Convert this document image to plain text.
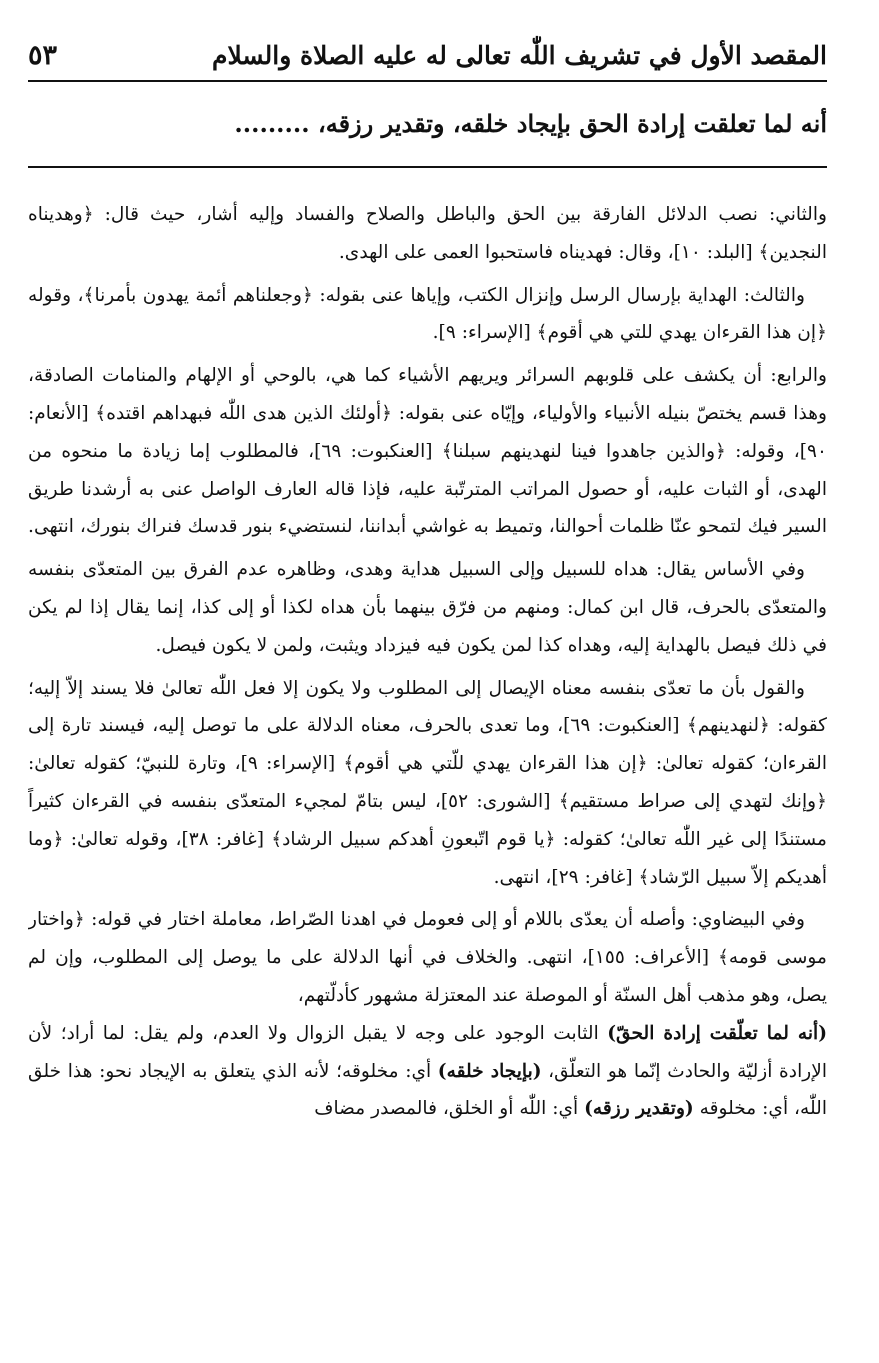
المقصد الأول في تشريف اللّٰه تعالى له عليه الصلاة والسلام
٥٣
أنه لما تعلقت إرادة الحق بإيجاد خلقه، وتقدير رزقه، .........

والثاني: نصب الدلائل الفارقة بين الحق والباطل والصلاح والفساد وإليه أشار، حيث قال: ﴿وهديناه النجدين﴾ [البلد: ١٠]، وقال: فهديناه فاستحبوا العمى على الهدى.

والثالث: الهداية بإرسال الرسل وإنزال الكتب، وإياها عنى بقوله: ﴿وجعلناهم أئمة يهدون بأمرنا﴾، وقوله ﴿إن هذا القرءان يهدي للتي هي أقوم﴾ [الإسراء: ٩].

والرابع: أن يكشف على قلوبهم السرائر ويريهم الأشياء كما هي، بالوحي أو الإلهام والمنامات الصادقة، وهذا قسم يختصّ بنيله الأنبياء والأولياء، وإيّاه عنى بقوله: ﴿أولئك الذين هدى اللّٰه فبهداهم اقتده﴾ [الأنعام: ٩٠]، وقوله: ﴿والذين جاهدوا فينا لنهدينهم سبلنا﴾ [العنكبوت: ٦٩]، فالمطلوب إما زيادة ما منحوه من الهدى، أو الثبات عليه، أو حصول المراتب المترتّبة عليه، فإذا قاله العارف الواصل عنى به أرشدنا طريق السير فيك لتمحو عنّا ظلمات أحوالنا، وتميط به غواشي أبداننا، لنستضيء بنور قدسك فنراك بنورك، انتهى.

وفي الأساس يقال: هداه للسبيل وإلى السبيل هداية وهدى، وظاهره عدم الفرق بين المتعدّى بنفسه والمتعدّى بالحرف، قال ابن كمال: ومنهم من فرّق بينهما بأن هداه لكذا أو إلى كذا، إنما يقال إذا لم يكن في ذلك فيصل بالهداية إليه، وهداه كذا لمن يكون فيه فيزداد ويثبت، ولمن لا يكون فيصل.

والقول بأن ما تعدّى بنفسه معناه الإيصال إلى المطلوب ولا يكون إلا فعل اللّٰه تعالىٰ فلا يسند إلاّ إليه؛ كقوله: ﴿لنهدينهم﴾ [العنكبوت: ٦٩]، وما تعدى بالحرف، معناه الدلالة على ما توصل إليه، فيسند تارة إلى القرءان؛ كقوله تعالىٰ: ﴿إن هذا القرءان يهدي للّتي هي أقوم﴾ [الإسراء: ٩]، وتارة للنبيّ؛ كقوله تعالىٰ: ﴿وإنك لتهدي إلى صراط مستقيم﴾ [الشورى: ٥٢]، ليس بتامّ لمجيء المتعدّى بنفسه في القرءان كثيراً مستندًا إلى غير اللّٰه تعالىٰ؛ كقوله: ﴿يا قوم اتّبعونِ أهدكم سبيل الرشاد﴾ [غافر: ٣٨]، وقوله تعالىٰ: ﴿وما أهديكم إلاّ سبيل الرّشاد﴾ [غافر: ٢٩]، انتهى.

وفي البيضاوي: وأصله أن يعدّى باللام أو إلى فعومل في اهدنا الصّراط، معاملة اختار في قوله: ﴿واختار موسى قومه﴾ [الأعراف: ١٥٥]، انتهى. والخلاف في أنها الدلالة على ما يوصل إلى المطلوب، وإن لم يصل، وهو مذهب أهل السنّة أو الموصلة عند المعتزلة مشهور كأدلّتهم،
(أنه لما تعلّقت إرادة الحقّ) الثابت الوجود على وجه لا يقبل الزوال ولا العدم، ولم يقل: لما أراد؛ لأن الإرادة أزليّة والحادث إنّما هو التعلّق، (بإيجاد خلقه) أي: مخلوقه؛ لأنه الذي يتعلق به الإيجاد نحو: هذا خلق اللّٰه، أي: مخلوقه (وتقدير رزقه) أي: اللّٰه أو الخلق، فالمصدر مضاف
